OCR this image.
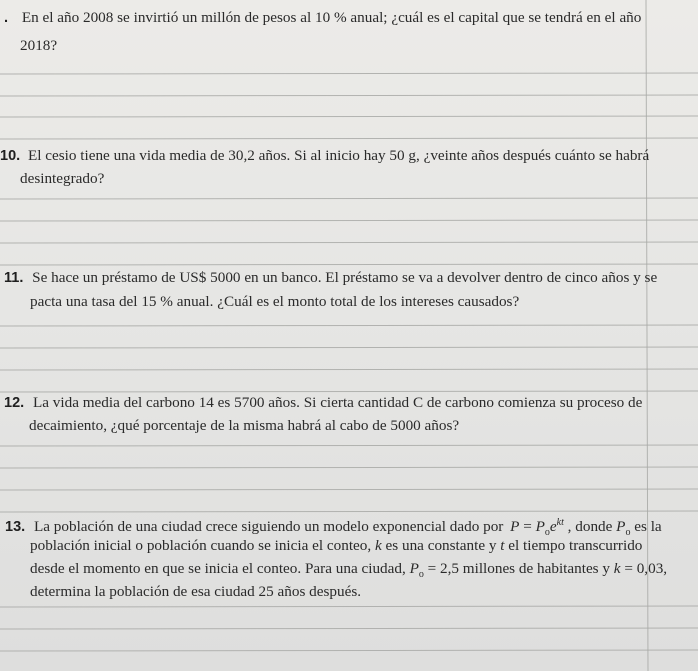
. En el año 2008 se invirtió un millón de pesos al 10 % anual; ¿cuál es el capital que se tendrá en el año
2018?
10. El cesio tiene una vida media de 30,2 años. Si al inicio hay 50 g, ¿veinte años después cuánto se habrá
desintegrado?
11. Se hace un préstamo de US$ 5000 en un banco. El préstamo se va a devolver dentro de cinco años y se
pacta una tasa del 15 % anual. ¿Cuál es el monto total de los intereses causados?
12. La vida media del carbono 14 es 5700 años. Si cierta cantidad C de carbono comienza su proceso de
decaimiento, ¿qué porcentaje de la misma habrá al cabo de 5000 años?
13. La población de una ciudad crece siguiendo un modelo exponencial dado por $P = P_oe^{kt}$ , donde $P_o$ es la
población inicial o población cuando se inicia el conteo, k es una constante y t el tiempo transcurrido
desde el momento en que se inicia el conteo. Para una ciudad, $P_o = 2,5$ millones de habitantes y k = 0,03,
determina la población de esa ciudad 25 años después.
